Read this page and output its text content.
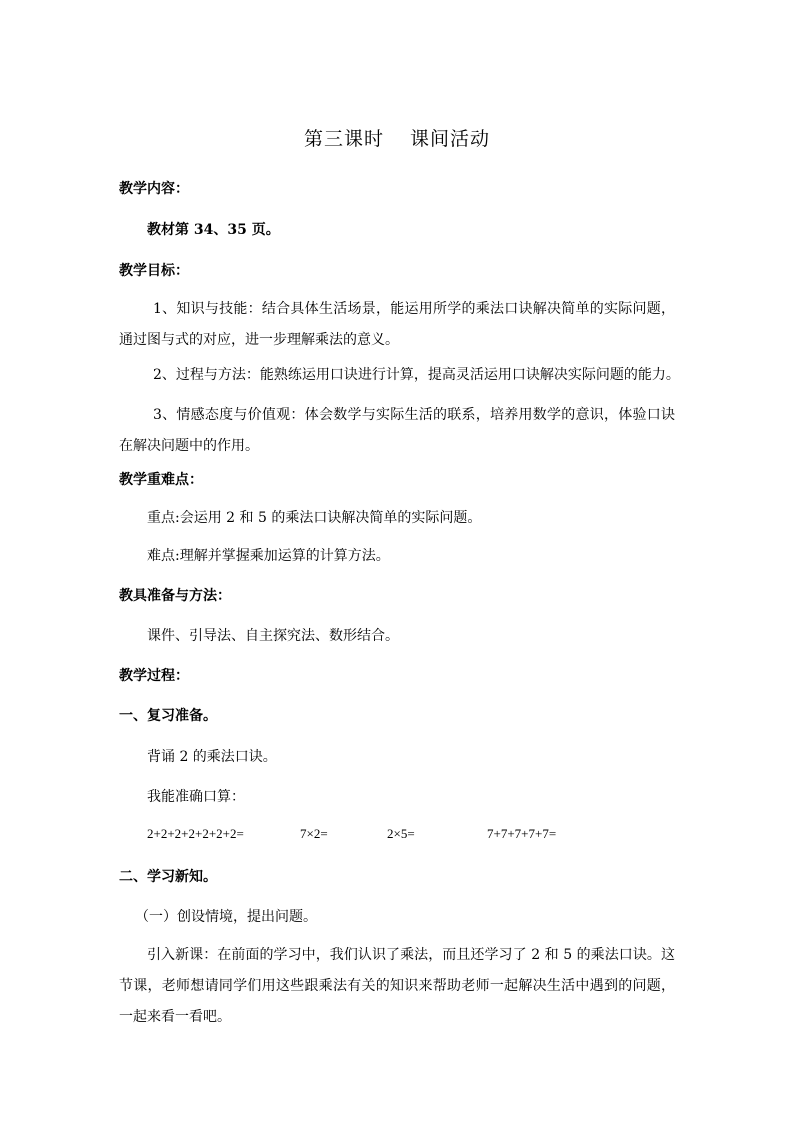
第三课时 课间活动
教学内容：
教材第 34、35 页。
教学目标：
1、知识与技能：结合具体生活场景，能运用所学的乘法口诀解决简单的实际问题，通过图与式的对应，进一步理解乘法的意义。
2、过程与方法：能熟练运用口诀进行计算，提高灵活运用口诀解决实际问题的能力。
3、情感态度与价值观：体会数学与实际生活的联系，培养用数学的意识，体验口诀在解决问题中的作用。
教学重难点：
重点:会运用 2 和 5 的乘法口诀解决简单的实际问题。
难点:理解并掌握乘加运算的计算方法。
教具准备与方法：
课件、引导法、自主探究法、数形结合。
教学过程：
一、复习准备。
背诵 2 的乘法口诀。
我能准确口算：
2+2+2+2+2+2+2=	7×2=	2×5=	7+7+7+7+7=
二、学习新知。
（一）创设情境，提出问题。
引入新课：在前面的学习中，我们认识了乘法，而且还学习了 2 和 5 的乘法口诀。这节课，老师想请同学们用这些跟乘法有关的知识来帮助老师一起解决生活中遇到的问题，一起来看一看吧。
